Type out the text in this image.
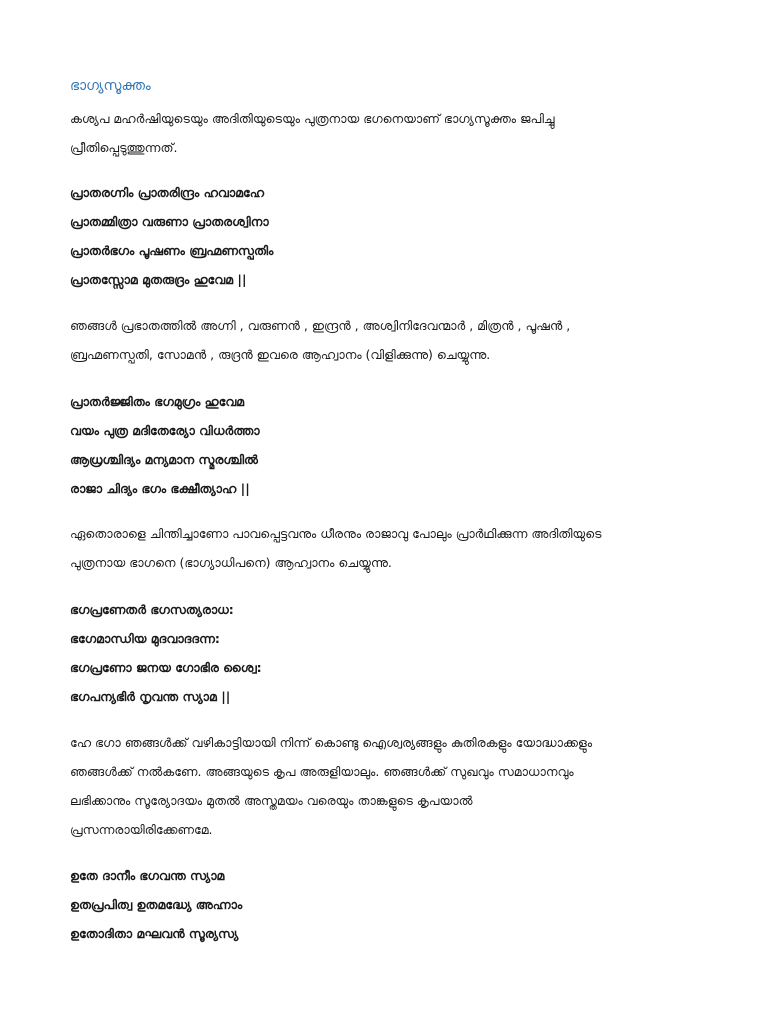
ഭാഗ്യസൂക്തം
കശ്യപ മഹർഷിയുടെയും അദിതിയുടെയും പുത്രനായ ഭഗനെയാണ് ഭാഗ്യസൂക്തം ജപിച്ചു
പ്രീതിപ്പെടുത്തുന്നത്.
പ്രാതരഗ്നിം പ്രാതരിന്ദ്രം ഹവാമഹേ
പ്രാതമ്മിത്രാ വരുണാ പ്രാതരശ്വിനാ
പ്രാതർഭഗം പൂഷണം ബ്രഹ്മണസ്പതിം
പ്രാതസ്സോമ മുതരുദ്രം ഹുവേമ ||
ഞങ്ങൾ പ്രഭാതത്തിൽ അഗ്നി , വരുണൻ , ഇന്ദ്രൻ , അശ്വിനിദേവന്മാർ , മിത്രൻ , പൂഷൻ ,
ബ്രഹ്മണസ്പതി, സോമൻ , രുദ്രൻ ഇവരെ ആഹ്വാനം (വിളിക്കുന്നു) ചെയ്യുന്നു.
പ്രാതർജ്ജിതം ഭഗമുഗ്രം ഹുവേമ
വയം പുത്ര മദിതേര്യോ വിധർത്താ
ആധ്രശ്ചിദ്യം മന്യമാന സ്മരശ്ചിൽ
രാജാ ചിദ്യം ഭഗം ഭക്ഷീത്യാഹ ||
ഏതൊരാളെ ചിന്തിച്ചാണോ പാവപ്പെട്ടവനും ധീരനും രാജാവു പോലും പ്രാർഥിക്കുന്ന അദിതിയുടെ
പുത്രനായ ഭാഗനെ (ഭാഗ്യാധിപനെ) ആഹ്വാനം ചെയ്യുന്നു.
ഭഗപ്രണേതർ ഭഗസത്യരാധ:
ഭഗേമാന്ധിയ മുദവാദദന്ന:
ഭഗപ്രണോ ജനയ ഗോഭിര ശ്വൈ:
ഭഗപന്യഭിർ നൃവന്ത സ്യാമ ||
ഹേ ഭഗാ ഞങ്ങൾക്ക് വഴികാട്ടിയായി നിന്ന് കൊണ്ടു ഐശ്വര്യങ്ങളും കുതിരകളും യോദ്ധാക്കളും
ഞങ്ങൾക്ക് നൽകണേ. അങ്ങയുടെ കൃപ അരുളിയാലും. ഞങ്ങൾക്ക് സുഖവും സമാധാനവും
ലഭിക്കാനും സൂര്യോദയം മുതൽ അസ്തമയം വരെയും താങ്കളുടെ കൃപയാൽ
പ്രസന്നരായിരിക്കേണമേ.
ഉതേ ദാനീം ഭഗവന്ത സ്യാമ
ഉതപ്രപിത്വ ഉതമദ്ധ്യേ അഹ്നാം
ഉതോദിതാ മഘവൻ സൂര്യസ്യ
